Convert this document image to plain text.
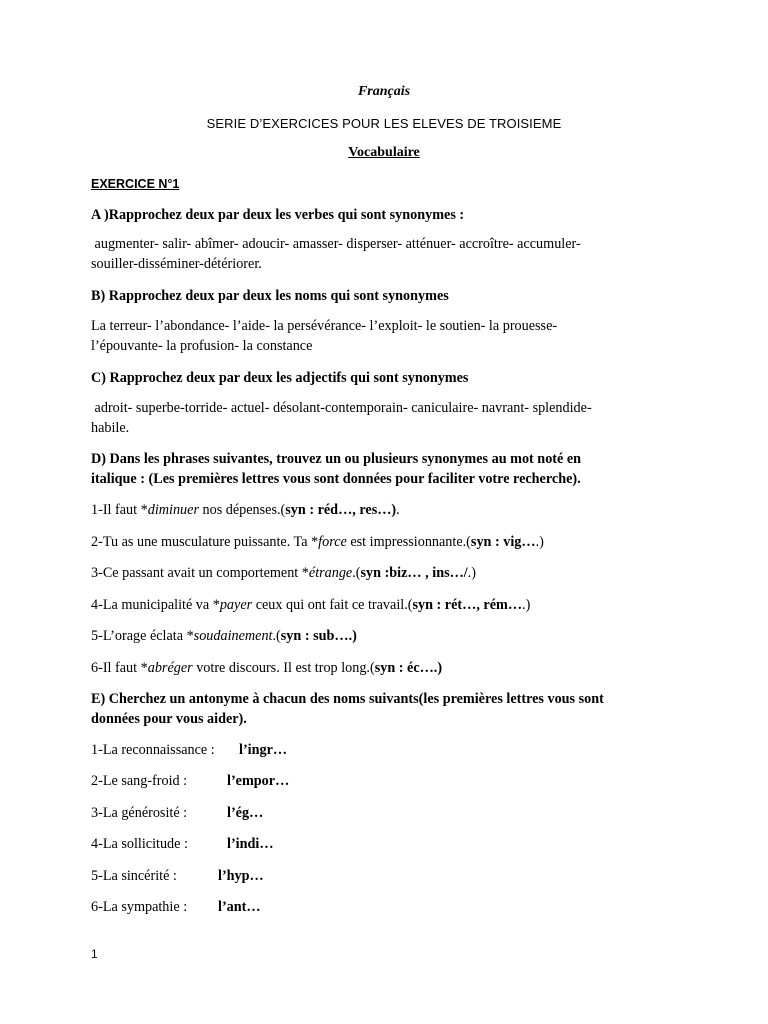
Français
SERIE D’EXERCICES POUR LES ELEVES DE TROISIEME
Vocabulaire
EXERCICE N°1
A )Rapprochez deux par deux les verbes qui sont synonymes :
augmenter- salir- abîmer- adoucir- amasser- disperser- atténuer- accroître- accumuler-
souiller-disséminer-détériorer.
B) Rapprochez deux par deux les noms qui sont synonymes
La terreur- l’abondance- l’aide- la persévérance- l’exploit- le soutien- la prouesse-
l’épouvante- la profusion- la constance
C) Rapprochez deux par deux les adjectifs qui sont synonymes
adroit- superbe-torride- actuel- désolant-contemporain- caniculaire- navrant- splendide-
habile.
D) Dans les phrases suivantes, trouvez un ou plusieurs synonymes au mot noté en
italique : (Les premières lettres vous sont données pour faciliter votre recherche).
1-Il faut *diminuer nos dépenses.(syn : réd…, res…).
2-Tu as une musculature puissante. Ta *force est impressionnante.(syn : vig….)
3-Ce passant avait un comportement *étrange.(syn :biz… , ins…/.)
4-La municipalité va *payer ceux qui ont fait ce travail.(syn : rét…, rém….)
5-L’orage éclata *soudainement.(syn : sub….)
6-Il faut *abréger votre discours. Il est trop long.(syn : éc….)
E) Cherchez un antonyme à chacun des noms suivants(les premières lettres vous sont
données pour vous aider).
1-La reconnaissance :	l’ingr…
2-Le sang-froid :	l’empor…
3-La générosité :	l’ég…
4-La sollicitude :	l’indi…
5-La sincérité :	l’hyp…
6-La sympathie :	l’ant…
1
